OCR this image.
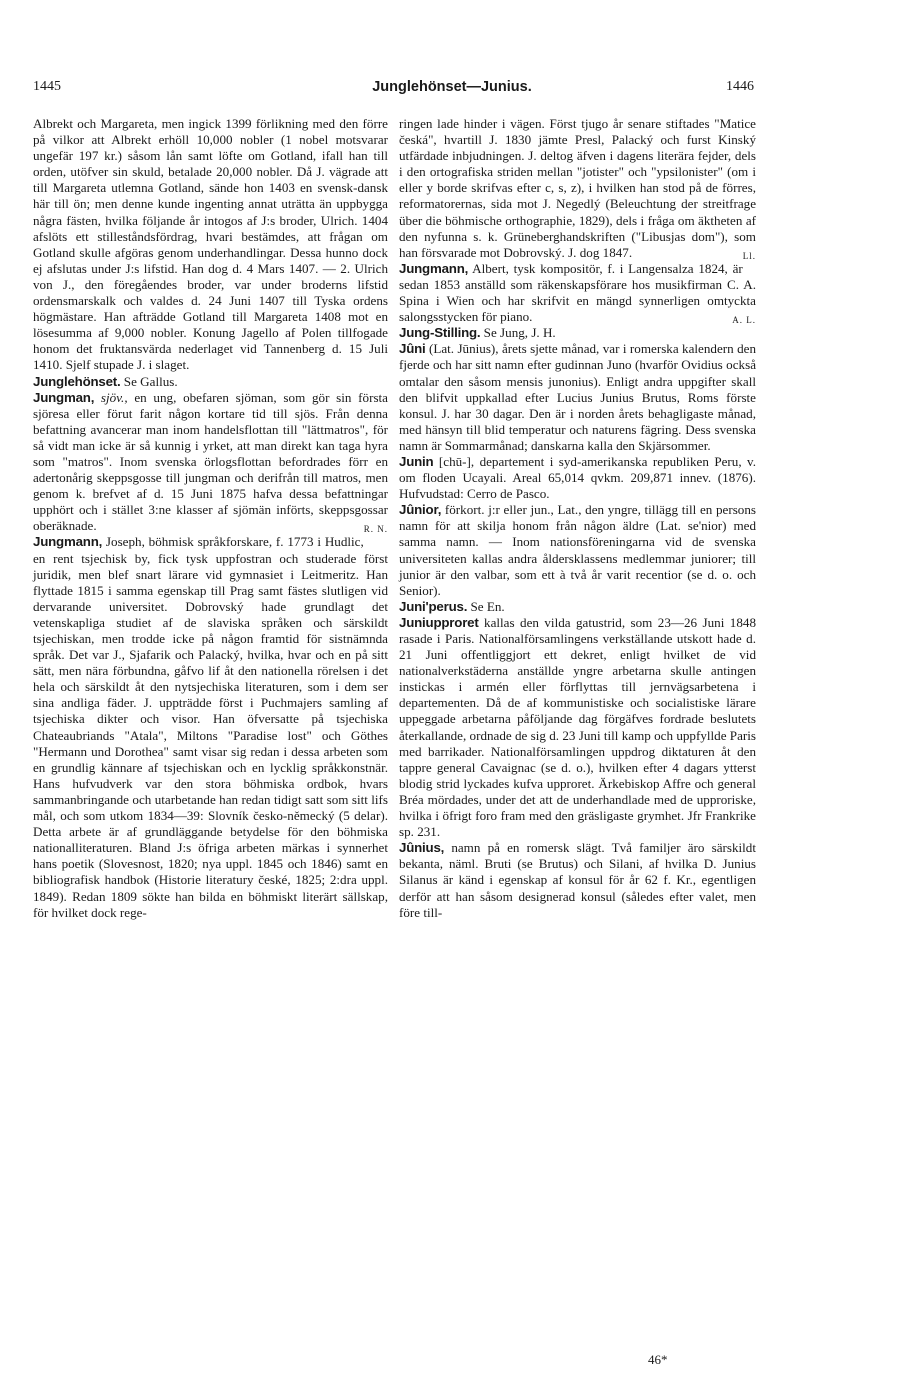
1445	Junglehönset—Junius.	1446

Albrekt och Margareta, men ingick 1399 förlikning med den förre på vilkor att Albrekt erhöll 10,000 nobler (1 nobel motsvarar ungefär 197 kr.) såsom lån samt löfte om Gotland, ifall han till orden, utöfver sin skuld, betalade 20,000 nobler. Då J. vägrade att till Margareta utlemna Gotland, sände hon 1403 en svensk-dansk här till ön; men denne kunde ingenting annat uträtta än uppbygga några fästen, hvilka följande år intogos af J:s broder, Ulrich. 1404 afslöts ett stilleståndsfördrag, hvari bestämdes, att frågan om Gotland skulle afgöras genom underhandlingar. Dessa hunno dock ej afslutas under J:s lifstid. Han dog d. 4 Mars 1407. — 2. Ulrich von J., den föregåendes broder, var under broderns lifstid ordensmarskalk och valdes d. 24 Juni 1407 till Tyska ordens högmästare. Han afträdde Gotland till Margareta 1408 mot en lösesumma af 9,000 nobler. Konung Jagello af Polen tillfogade honom det fruktansvärda nederlaget vid Tannenberg d. 15 Juli 1410. Sjelf stupade J. i slaget.

Junglehönset. Se Gallus.

Jungman, sjöv., en ung, obefaren sjöman, som gör sin första sjöresa eller förut farit någon kortare tid till sjös. Från denna befattning avancerar man inom handelsflottan till "lättmatros", för så vidt man icke är så kunnig i yrket, att man direkt kan taga hyra som "matros". Inom svenska örlogsflottan befordrades förr en adertonårig skeppsgosse till jungman och derifrån till matros, men genom k. brefvet af d. 15 Juni 1875 hafva dessa befattningar upphört och i stället 3:ne klasser af sjömän införts, skeppsgossar oberäknade.	R. N.

Jungmann, Joseph, böhmisk språkforskare, f. 1773 i Hudlic, en rent tsjechisk by, fick tysk uppfostran och studerade först juridik, men blef snart lärare vid gymnasiet i Leitmeritz. Han flyttade 1815 i samma egenskap till Prag samt fästes slutligen vid dervarande universitet. Dobrovský hade grundlagt det vetenskapliga studiet af de slaviska språken och särskildt tsjechiskan, men trodde icke på någon framtid för sistnämnda språk. Det var J., Sjafarik och Palacký, hvilka, hvar och en på sitt sätt, men nära förbundna, gåfvo lif åt den nationella rörelsen i det hela och särskildt åt den nytsjechiska literaturen, som i dem ser sina andliga fäder. J. uppträdde först i Puchmajers samling af tsjechiska dikter och visor. Han öfversatte på tsjechiska Chateaubriands "Atala", Miltons "Paradise lost" och Göthes "Hermann und Dorothea" samt visar sig redan i dessa arbeten som en grundlig kännare af tsjechiskan och en lycklig språkkonstnär. Hans hufvudverk var den stora böhmiska ordbok, hvars sammanbringande och utarbetande han redan tidigt satt som sitt lifs mål, och som utkom 1834—39: Slovník česko-německý (5 delar). Detta arbete är af grundläggande betydelse för den böhmiska nationalliteraturen. Bland J:s öfriga arbeten märkas i synnerhet hans poetik (Slovesnost, 1820; nya uppl. 1845 och 1846) samt en bibliografisk handbok (Historie literatury české, 1825; 2:dra uppl. 1849). Redan 1809 sökte han bilda en böhmiskt literärt sällskap, för hvilket dock rege-

ringen lade hinder i vägen. Först tjugo år senare stiftades "Matice česká", hvartill J. 1830 jämte Presl, Palacký och furst Kinský utfärdade inbjudningen. J. deltog äfven i dagens literära fejder, dels i den ortografiska striden mellan "jotister" och "ypsilonister" (om i eller y borde skrifvas efter c, s, z), i hvilken han stod på de förres, reformatorernas, sida mot J. Negedlý (Beleuchtung der streitfrage über die böhmische orthographie, 1829), dels i fråga om äktheten af den nyfunna s. k. Grüneberghandskriften ("Libusjas dom"), som han försvarade mot Dobrovský. J. dog 1847.	Ll.

Jungmann, Albert, tysk kompositör, f. i Langensalza 1824, är sedan 1853 anställd som räkenskapsförare hos musikfirman C. A. Spina i Wien och har skrifvit en mängd synnerligen omtyckta salongsstycken för piano.	A. L.

Jung-Stilling. Se Jung, J. H.

Jûni (Lat. Jūnius), årets sjette månad, var i romerska kalendern den fjerde och har sitt namn efter gudinnan Juno (hvarför Ovidius också omtalar den såsom mensis junonius). Enligt andra uppgifter skall den blifvit uppkallad efter Lucius Junius Brutus, Roms förste konsul. J. har 30 dagar. Den är i norden årets behagligaste månad, med hänsyn till blid temperatur och naturens fägring. Dess svenska namn är Sommarmånad; danskarna kalla den Skjärsommer.

Junin [chū-], departement i syd-amerikanska republiken Peru, v. om floden Ucayali. Areal 65,014 qvkm. 209,871 innev. (1876). Hufvudstad: Cerro de Pasco.

Jûnior, förkort. j:r eller jun., Lat., den yngre, tillägg till en persons namn för att skilja honom från någon äldre (Lat. se'nior) med samma namn. — Inom nationsföreningarna vid de svenska universiteten kallas andra åldersklassens medlemmar juniorer; till junior är den valbar, som ett à två år varit recentior (se d. o. och Senior).

Juni'perus. Se En.

Juniupproret kallas den vilda gatustrid, som 23—26 Juni 1848 rasade i Paris. Nationalförsamlingens verkställande utskott hade d. 21 Juni offentliggjort ett dekret, enligt hvilket de vid nationalverkstäderna anställde yngre arbetarna skulle antingen instickas i armén eller förflyttas till jernvägsarbetena i departementen. Då de af kommunistiske och socialistiske lärare uppeggade arbetarna påföljande dag förgäfves fordrade beslutets återkallande, ordnade de sig d. 23 Juni till kamp och uppfyllde Paris med barrikader. Nationalförsamlingen uppdrog diktaturen åt den tappre general Cavaignac (se d. o.), hvilken efter 4 dagars ytterst blodig strid lyckades kufva upproret. Ärkebiskop Affre och general Bréa mördades, under det att de underhandlade med de upproriske, hvilka i öfrigt foro fram med den gräsligaste grymhet. Jfr Frankrike sp. 231.

Jûnius, namn på en romersk slägt. Två familjer äro särskildt bekanta, näml. Bruti (se Brutus) och Silani, af hvilka D. Junius Silanus är känd i egenskap af konsul för år 62 f. Kr., egentligen derför att han såsom designerad konsul (således efter valet, men före till-

46*
